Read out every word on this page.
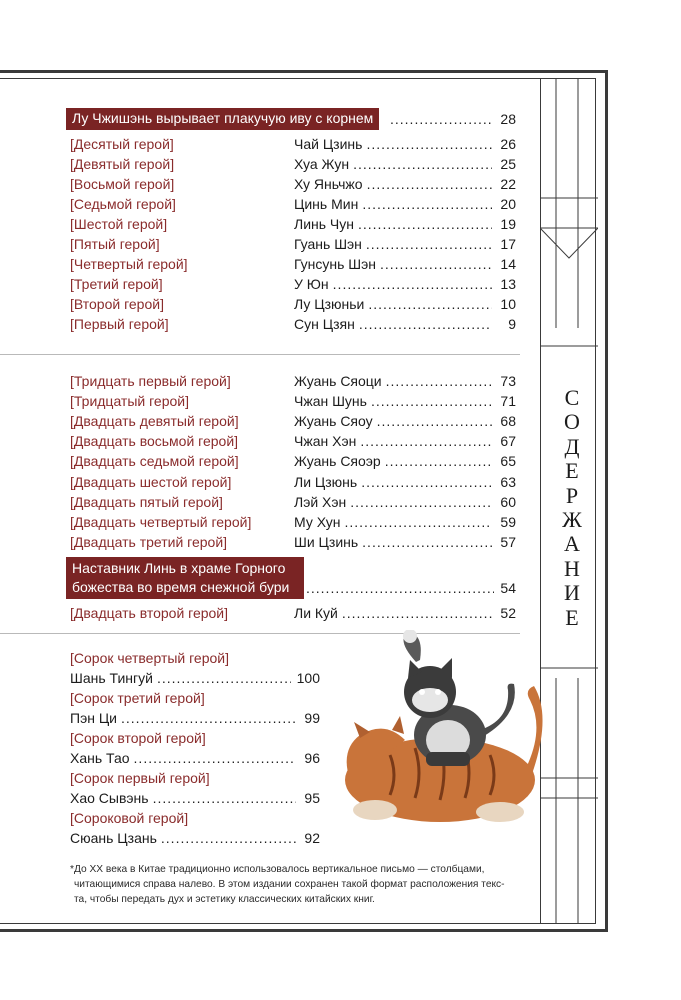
С
О
Д
Е
Р
Ж
А
Н
И
Е
Лу Чжишэнь вырывает плакучую иву с корнем .....	28
[ Десятый герой ]	Чай Цзинь .....	26
[ Девятый герой ]	Хуа Жун .....	25
[ Восьмой герой ]	Ху Яньчжо .....	22
[ Седьмой герой ]	Цинь Мин .....	20
[ Шестой герой ]	Линь Чун .....	19
[ Пятый герой ]	Гуань Шэн .....	17
[ Четвертый герой ]	Гунсунь Шэн .....	14
[ Третий герой ]	У Юн .....	13
[ Второй герой ]	Лу Цзюньи .....	10
[ Первый герой ]	Сун Цзян .....	9
[ Тридцать первый герой ]	Жуань Сяоци .....	73
[ Тридцатый герой ]	Чжан Шунь .....	71
[ Двадцать девятый герой ]	Жуань Сяоу .....	68
[ Двадцать восьмой герой ]	Чжан Хэн .....	67
[ Двадцать седьмой герой ]	Жуань Сяоэр .....	65
[ Двадцать шестой герой ]	Ли Цзюнь .....	63
[ Двадцать пятый герой ]	Лэй Хэн .....	60
[ Двадцать четвертый герой ]	Му Хун .....	59
[ Двадцать третий герой ]	Ши Цзинь .....	57
Наставник Линь в храме Горного
божества во время снежной бури .....	54
[ Двадцать второй герой ]	Ли Куй .....	52
[ Сорок четвертый герой ]
Шань Тингуй .....	100
[ Сорок третий герой ]
Пэн Ци .....	99
[ Сорок второй герой ]
Хань Тао .....	96
[ Сорок первый герой ]
Хао Сывэнь .....	95
[ Сороковой герой ]
Сюань Цзань .....	92
*До XX века в Китае традиционно использовалось вертикальное письмо — столбцами,
читающимися справа налево. В этом издании сохранен такой формат расположения текс-
та, чтобы передать дух и эстетику классических китайских книг.
